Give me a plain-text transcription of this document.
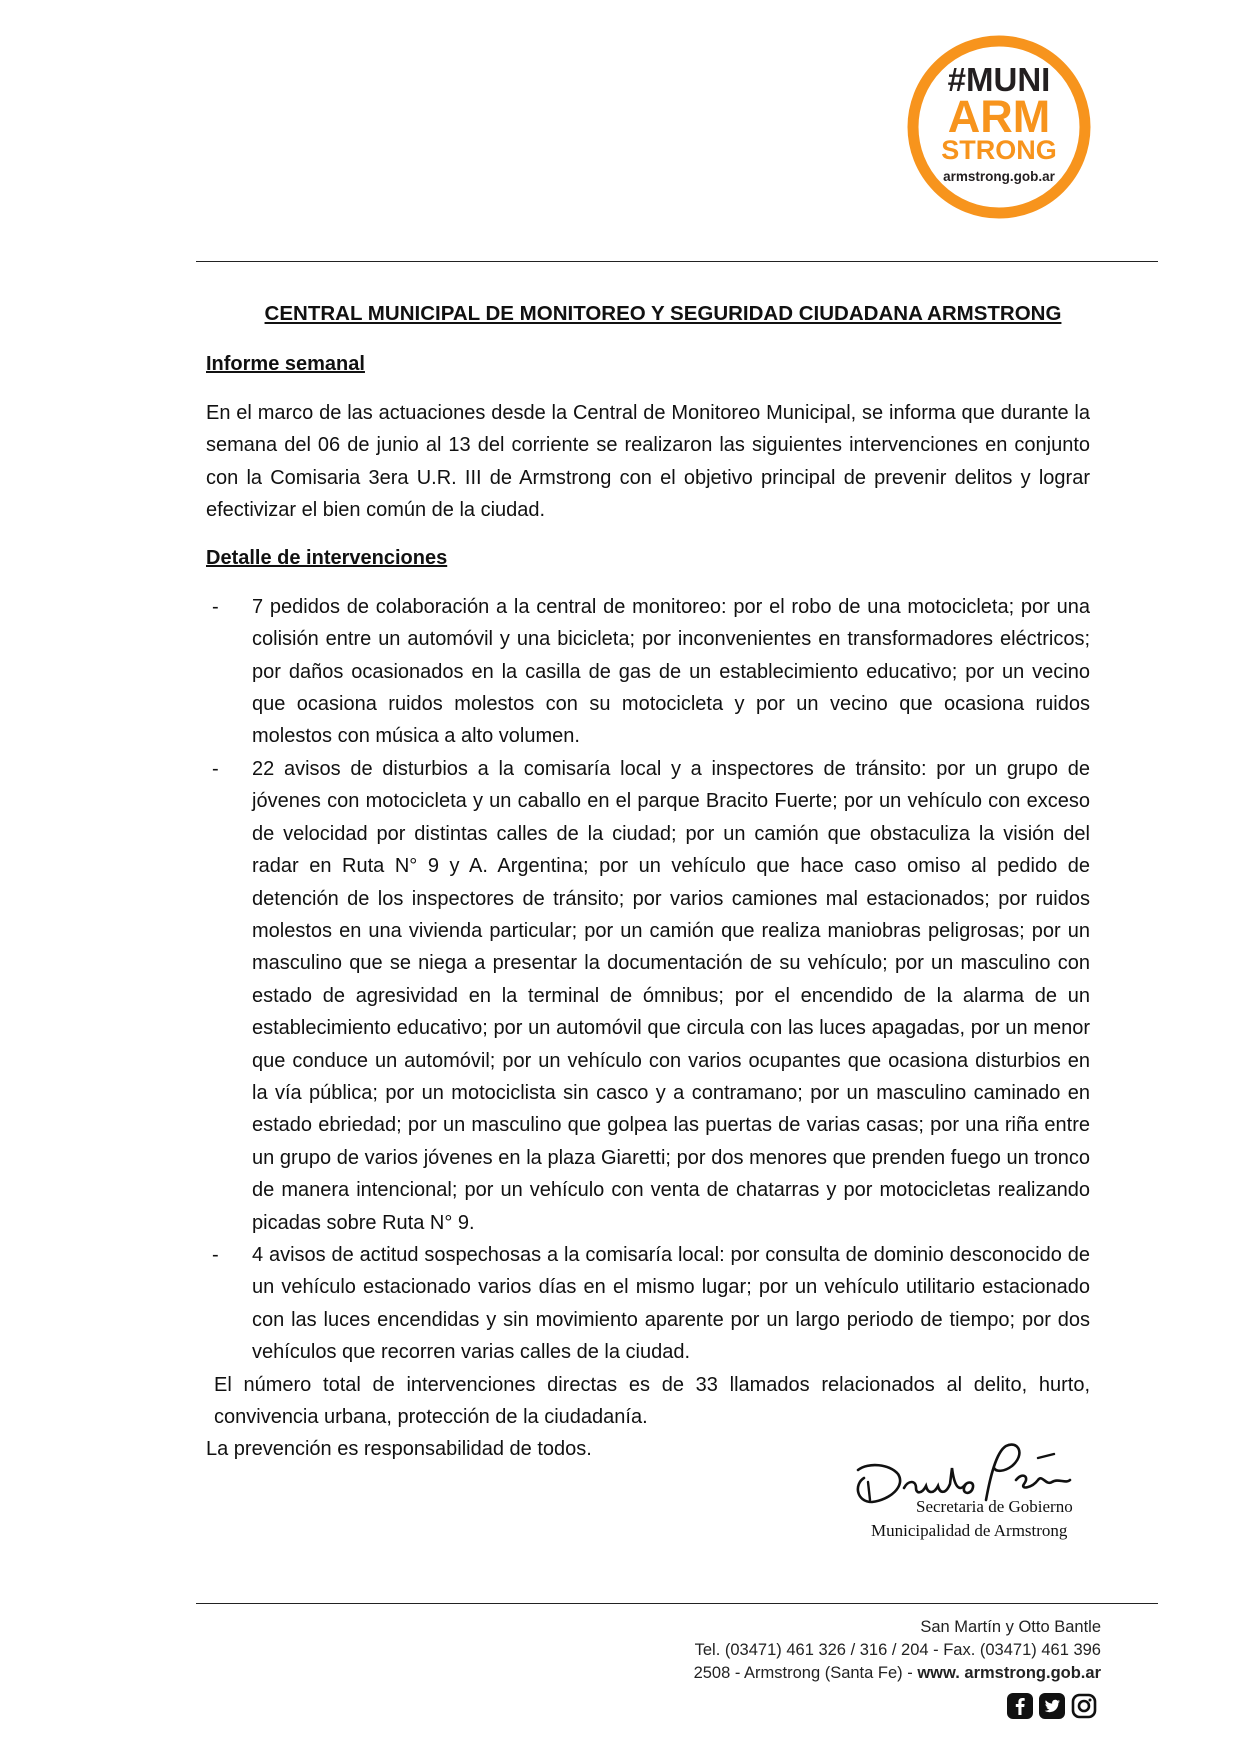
#MUNI
ARM
STRONG
armstrong.gob.ar
CENTRAL MUNICIPAL DE MONITOREO Y SEGURIDAD CIUDADANA ARMSTRONG
Informe semanal

En el marco de las actuaciones desde la Central de Monitoreo Municipal, se informa que durante la semana del 06 de junio al 13 del corriente se realizaron las siguientes intervenciones en conjunto con la Comisaria 3era U.R. III de Armstrong con el objetivo principal de prevenir delitos y lograr efectivizar el bien común de la ciudad.

Detalle de intervenciones
- 7 pedidos de colaboración a la central de monitoreo: por el robo de una motocicleta; por una colisión entre un automóvil y una bicicleta; por inconvenientes en transformadores eléctricos; por daños ocasionados en la casilla de gas de un establecimiento educativo; por un vecino que ocasiona ruidos molestos con su motocicleta y por un vecino que ocasiona ruidos molestos con música a alto volumen.
- 22 avisos de disturbios a la comisaría local y a inspectores de tránsito: por un grupo de jóvenes con motocicleta y un caballo en el parque Bracito Fuerte; por un vehículo con exceso de velocidad por distintas calles de la ciudad; por un camión que obstaculiza la visión del radar en Ruta N° 9 y A. Argentina; por un vehículo que hace caso omiso al pedido de detención de los inspectores de tránsito; por varios camiones mal estacionados; por ruidos molestos en una vivienda particular; por un camión que realiza maniobras peligrosas; por un masculino que se niega a presentar la documentación de su vehículo; por un masculino con estado de agresividad en la terminal de ómnibus; por el encendido de la alarma de un establecimiento educativo; por un automóvil que circula con las luces apagadas, por un menor que conduce un automóvil; por un vehículo con varios ocupantes que ocasiona disturbios en la vía pública; por un motociclista sin casco y a contramano; por un masculino caminado en estado ebriedad; por un masculino que golpea las puertas de varias casas; por una riña entre un grupo de varios jóvenes en la plaza Giaretti; por dos menores que prenden fuego un tronco de manera intencional; por un vehículo con venta de chatarras y por motocicletas realizando picadas sobre Ruta N° 9.
- 4 avisos de actitud sospechosas a la comisaría local: por consulta de dominio desconocido de un vehículo estacionado varios días en el mismo lugar; por un vehículo utilitario estacionado con las luces encendidas y sin movimiento aparente por un largo periodo de tiempo; por dos vehículos que recorren varias calles de la ciudad.

El número total de intervenciones directas es de 33 llamados relacionados al delito, hurto, convivencia urbana, protección de la ciudadanía.

La prevención es responsabilidad de todos.

Secretaria de Gobierno
Municipalidad de Armstrong
San Martín y Otto Bantle
Tel. (03471) 461 326 / 316 / 204 - Fax. (03471) 461 396
2508 - Armstrong (Santa Fe) - www. armstrong.gob.ar
